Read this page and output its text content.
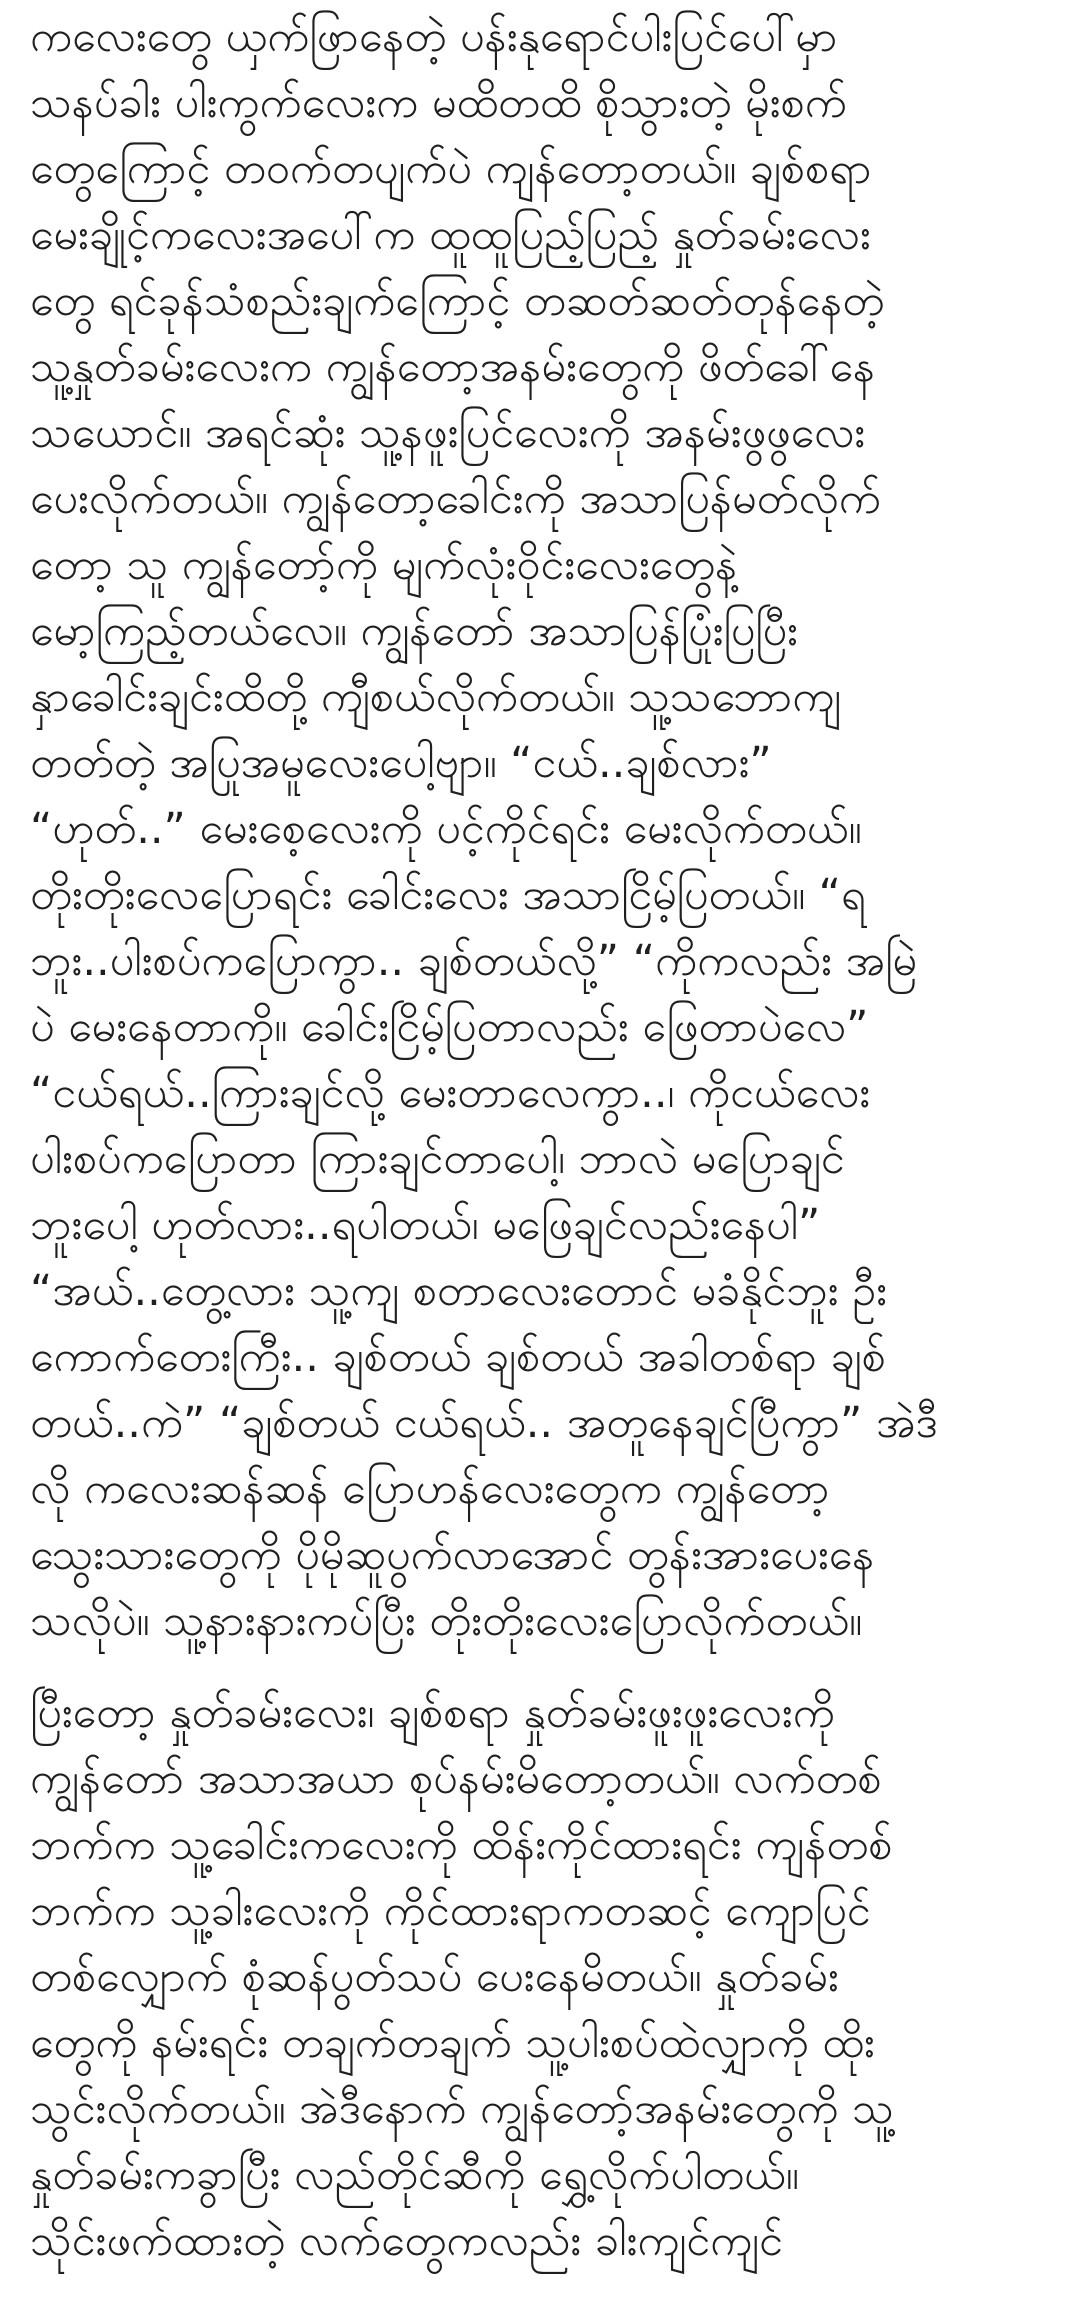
ကလေးတွေ ယှက်ဖြာနေတဲ့ ပန်းနုရောင်ပါးပြင်ပေါ်မှာ
သနပ်ခါး ပါးကွက်လေးက မထိတထိ စိုသွားတဲ့ မိုးစက်
တွေကြောင့် တဝက်တပျက်ပဲ ကျန်တော့တယ်။ ချစ်စရာ
မေးချိုင့်ကလေးအပေါ်က ထူထူပြည့်ပြည့် နှုတ်ခမ်းလေး
တွေ ရင်ခုန်သံစည်းချက်ကြောင့် တဆတ်ဆတ်တုန်နေတဲ့
သူ့နှုတ်ခမ်းလေးက ကျွန်တော့အနမ်းတွေကို ဖိတ်ခေါ်နေ
သယောင်။ အရင်ဆုံး သူ့နဖူးပြင်လေးကို အနမ်းဖွဖွလေး
ပေးလိုက်တယ်။ ကျွန်တော့ခေါင်းကို အသာပြန်မတ်လိုက်
တော့ သူ ကျွန်တော့်ကို မျက်လုံးဝိုင်းလေးတွေနဲ့
မော့ကြည့်တယ်လေ။ ကျွန်တော် အသာပြန်ပြုံးပြပြီး
နှာခေါင်းချင်းထိတို့ ကျီစယ်လိုက်တယ်။ သူ့သဘောကျ
တတ်တဲ့ အပြုအမူလေးပေါ့ဗျာ။ “ငယ်..ချစ်လား”
“ဟုတ်..” မေးစေ့လေးကို ပင့်ကိုင်ရင်း မေးလိုက်တယ်။
တိုးတိုးလေပြောရင်း ခေါင်းလေး အသာငြိမ့်ပြတယ်။ “ရ
ဘူး..ပါးစပ်ကပြောကွာ.. ချစ်တယ်လို့” “ကိုကလည်း အမြဲ
ပဲ မေးနေတာကို။ ခေါင်းငြိမ့်ပြတာလည်း ဖြေတာပဲလေ”
“ငယ်ရယ်..ကြားချင်လို့ မေးတာလေကွာ..၊ ကိုငယ်လေး
ပါးစပ်ကပြောတာ ကြားချင်တာပေါ့၊ ဘာလဲ မပြောချင်
ဘူးပေါ့ ဟုတ်လား..ရပါတယ်၊ မဖြေချင်လည်းနေပါ”
“အယ်..တွေ့လား သူ့ကျ စတာလေးတောင် မခံနိုင်ဘူး ဦး
ကောက်တေးကြီး.. ချစ်တယ် ချစ်တယ် အခါတစ်ရာ ချစ်
တယ်..ကဲ” “ချစ်တယ် ငယ်ရယ်.. အတူနေချင်ပြီကွာ” အဲဒီ
လို ကလေးဆန်ဆန် ပြောဟန်လေးတွေက ကျွန်တော့
သွေးသားတွေကို ပိုမိုဆူပွက်လာအောင် တွန်းအားပေးနေ
သလိုပဲ။ သူ့နားနားကပ်ပြီး တိုးတိုးလေးပြောလိုက်တယ်။
ပြီးတော့ နှုတ်ခမ်းလေး၊ ချစ်စရာ နှုတ်ခမ်းဖူးဖူးလေးကို
ကျွန်တော် အသာအယာ စုပ်နမ်းမိတော့တယ်။ လက်တစ်
ဘက်က သူ့ခေါင်းကလေးကို ထိန်းကိုင်ထားရင်း ကျန်တစ်
ဘက်က သူ့ခါးလေးကို ကိုင်ထားရာကတဆင့် ကျောပြင်
တစ်လျှောက် စုံဆန်ပွတ်သပ် ပေးနေမိတယ်။ နှုတ်ခမ်း
တွေကို နမ်းရင်း တချက်တချက် သူ့ပါးစပ်ထဲလျှာကို ထိုး
သွင်းလိုက်တယ်။ အဲဒီနောက် ကျွန်တော့်အနမ်းတွေကို သူ့
နှုတ်ခမ်းကခွာပြီး လည်တိုင်ဆီကို ရွှေ့လိုက်ပါတယ်။
သိုင်းဖက်ထားတဲ့ လက်တွေကလည်း ခါးကျင်ကျင်
